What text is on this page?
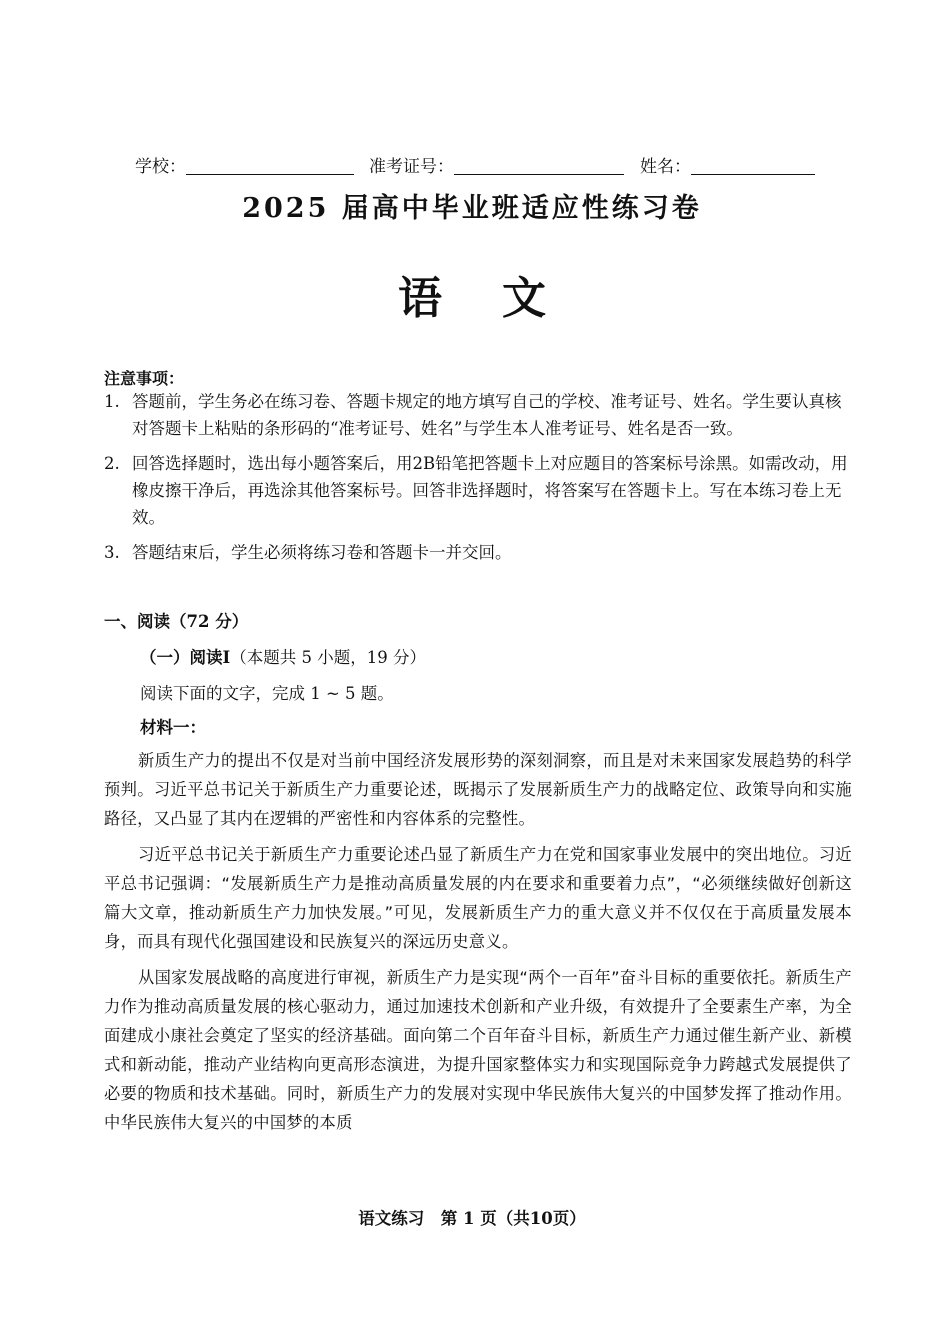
学校：	准考证号：	姓名：
2025 届高中毕业班适应性练习卷
语文
注意事项：
1. 答题前，学生务必在练习卷、答题卡规定的地方填写自己的学校、准考证号、姓名。学生要认真核对答题卡上粘贴的条形码的“准考证号、姓名”与学生本人准考证号、姓名是否一致。
2. 回答选择题时，选出每小题答案后，用2B铅笔把答题卡上对应题目的答案标号涂黑。如需改动，用橡皮擦干净后，再选涂其他答案标号。回答非选择题时，将答案写在答题卡上。写在本练习卷上无效。
3. 答题结束后，学生必须将练习卷和答题卡一并交回。
一、阅读（72 分）
（一）阅读Ⅰ（本题共 5 小题，19 分）
阅读下面的文字，完成 1 ~ 5 题。
材料一：

新质生产力的提出不仅是对当前中国经济发展形势的深刻洞察，而且是对未来国家发展趋势的科学预判。习近平总书记关于新质生产力重要论述，既揭示了发展新质生产力的战略定位、政策导向和实施路径，又凸显了其内在逻辑的严密性和内容体系的完整性。

习近平总书记关于新质生产力重要论述凸显了新质生产力在党和国家事业发展中的突出地位。习近平总书记强调：“发展新质生产力是推动高质量发展的内在要求和重要着力点”，“必须继续做好创新这篇大文章，推动新质生产力加快发展。”可见，发展新质生产力的重大意义并不仅仅在于高质量发展本身，而具有现代化强国建设和民族复兴的深远历史意义。

从国家发展战略的高度进行审视，新质生产力是实现“两个一百年”奋斗目标的重要依托。新质生产力作为推动高质量发展的核心驱动力，通过加速技术创新和产业升级，有效提升了全要素生产率，为全面建成小康社会奠定了坚实的经济基础。面向第二个百年奋斗目标，新质生产力通过催生新产业、新模式和新动能，推动产业结构向更高形态演进，为提升国家整体实力和实现国际竞争力跨越式发展提供了必要的物质和技术基础。同时，新质生产力的发展对实现中华民族伟大复兴的中国梦发挥了推动作用。中华民族伟大复兴的中国梦的本质

语文练习　第 1 页（共10页）
